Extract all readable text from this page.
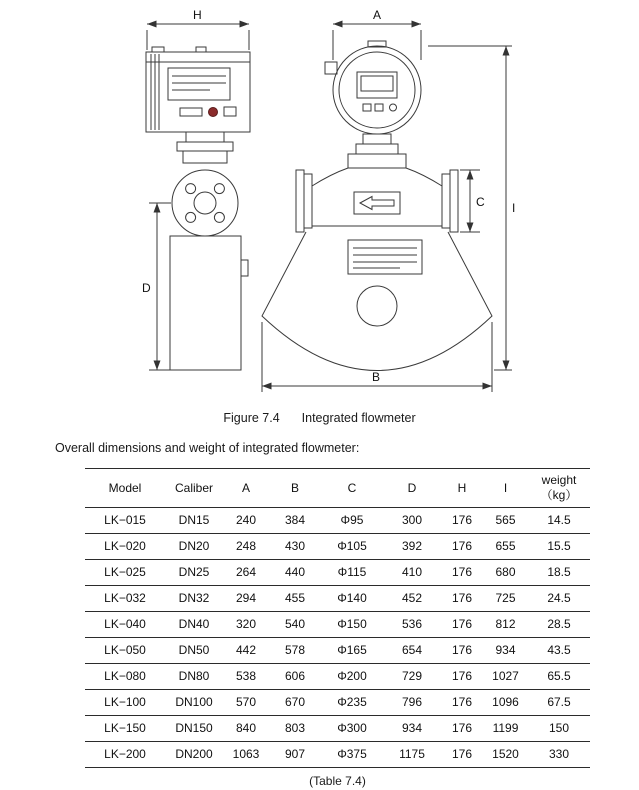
H	A
D
C I
B
Figure 7.4 Integrated flowmeter
Overall dimensions and weight of integrated flowmeter:
Model	Caliber	A	B	C	D	H	I	weight
（kg）
LK−015	DN15	240	384	Φ95	300	176	565	14.5
LK−020	DN20	248	430	Φ105	392	176	655	15.5
LK−025	DN25	264	440	Φ115	410	176	680	18.5
LK−032	DN32	294	455	Φ140	452	176	725	24.5
LK−040	DN40	320	540	Φ150	536	176	812	28.5
LK−050	DN50	442	578	Φ165	654	176	934	43.5
LK−080	DN80	538	606	Φ200	729	176	1027	65.5
LK−100	DN100	570	670	Φ235	796	176	1096	67.5
LK−150	DN150	840	803	Φ300	934	176	1199	150
LK−200	DN200	1063	907	Φ375	1175	176	1520	330
(Table 7.4)
